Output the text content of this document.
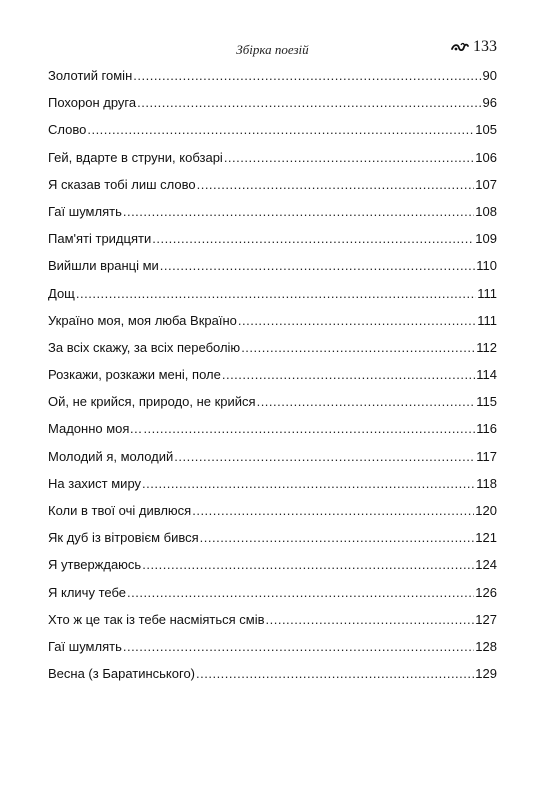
Збірка поезій	133
Золотий гомін .....	90
Похорон друга .....	96
Слово .....	105
Гей, вдарте в струни, кобзарі .....	106
Я сказав тобі лиш слово .....	107
Гаї шумлять .....	108
Пам'яті тридцяти .....	109
Вийшли вранці ми .....	110
Дощ .....	111
Україно моя, моя люба Вкраїно .....	111
За всіх скажу, за всіх переболію .....	112
Розкажи, розкажи мені, поле .....	114
Ой, не крийся, природо, не крийся .....	115
Мадонно моя… .....	116
Молодий я, молодий .....	117
На захист миру .....	118
Коли в твої очі дивлюся .....	120
Як дуб із вітровієм бився .....	121
Я утверждаюсь .....	124
Я кличу тебе .....	126
Хто ж це так із тебе насміяться смів .....	127
Гаї шумлять .....	128
Весна (з Баратинського) .....	129
